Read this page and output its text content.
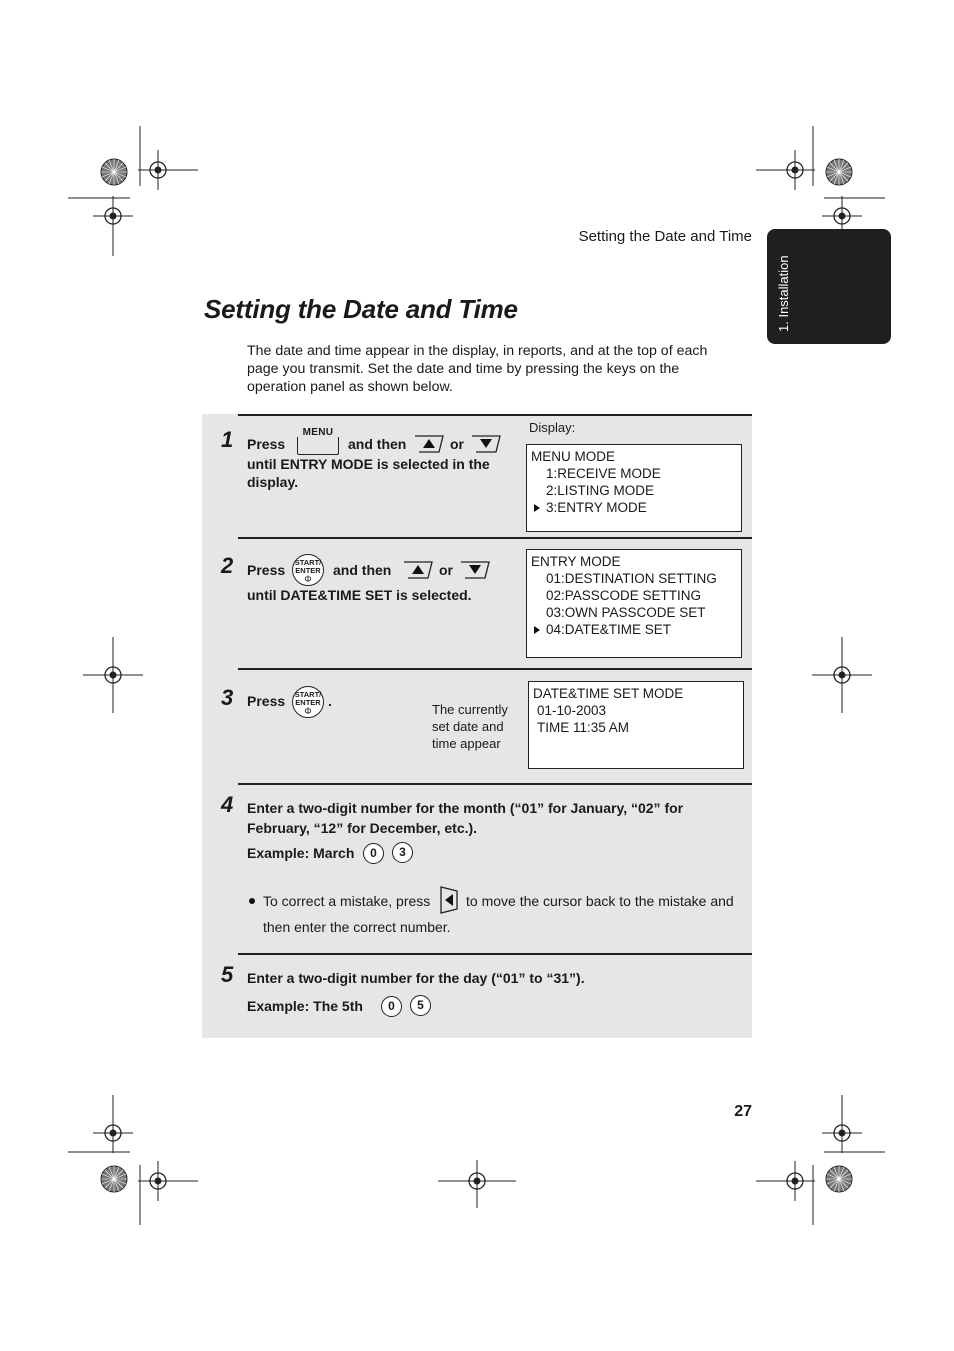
Setting the Date and Time
1. Installation
Setting the Date and Time
The date and time appear in the display, in reports, and at the top of each page you transmit. Set the date and time by pressing the keys on the operation panel as shown below.
1 Press
MENU
and then	or
until ENTRY MODE is selected in the display.
Display:
MENU MODE
1:RECEIVE MODE
2:LISTING MODE
3:ENTRY MODE
2 Press	START/
ENTER
Φ
and then	or
until DATE&TIME SET is selected.
ENTRY MODE
01:DESTINATION SETTING
02:PASSCODE SETTING
03:OWN PASSCODE SET
04:DATE&TIME SET
3 Press	START/
ENTER
Φ
.
The currently set date and time appear
DATE&TIME SET MODE
01-10-2003
TIME 11:35 AM
4 Enter a two-digit number for the month (“01” for January, “02” for February, “12” for December, etc.).
Example: March	0	3
To correct a mistake, press	to move the cursor back to the mistake and
then enter the correct number.
5 Enter a two-digit number for the day (“01” to “31”).
Example: The 5th	0	5
27
